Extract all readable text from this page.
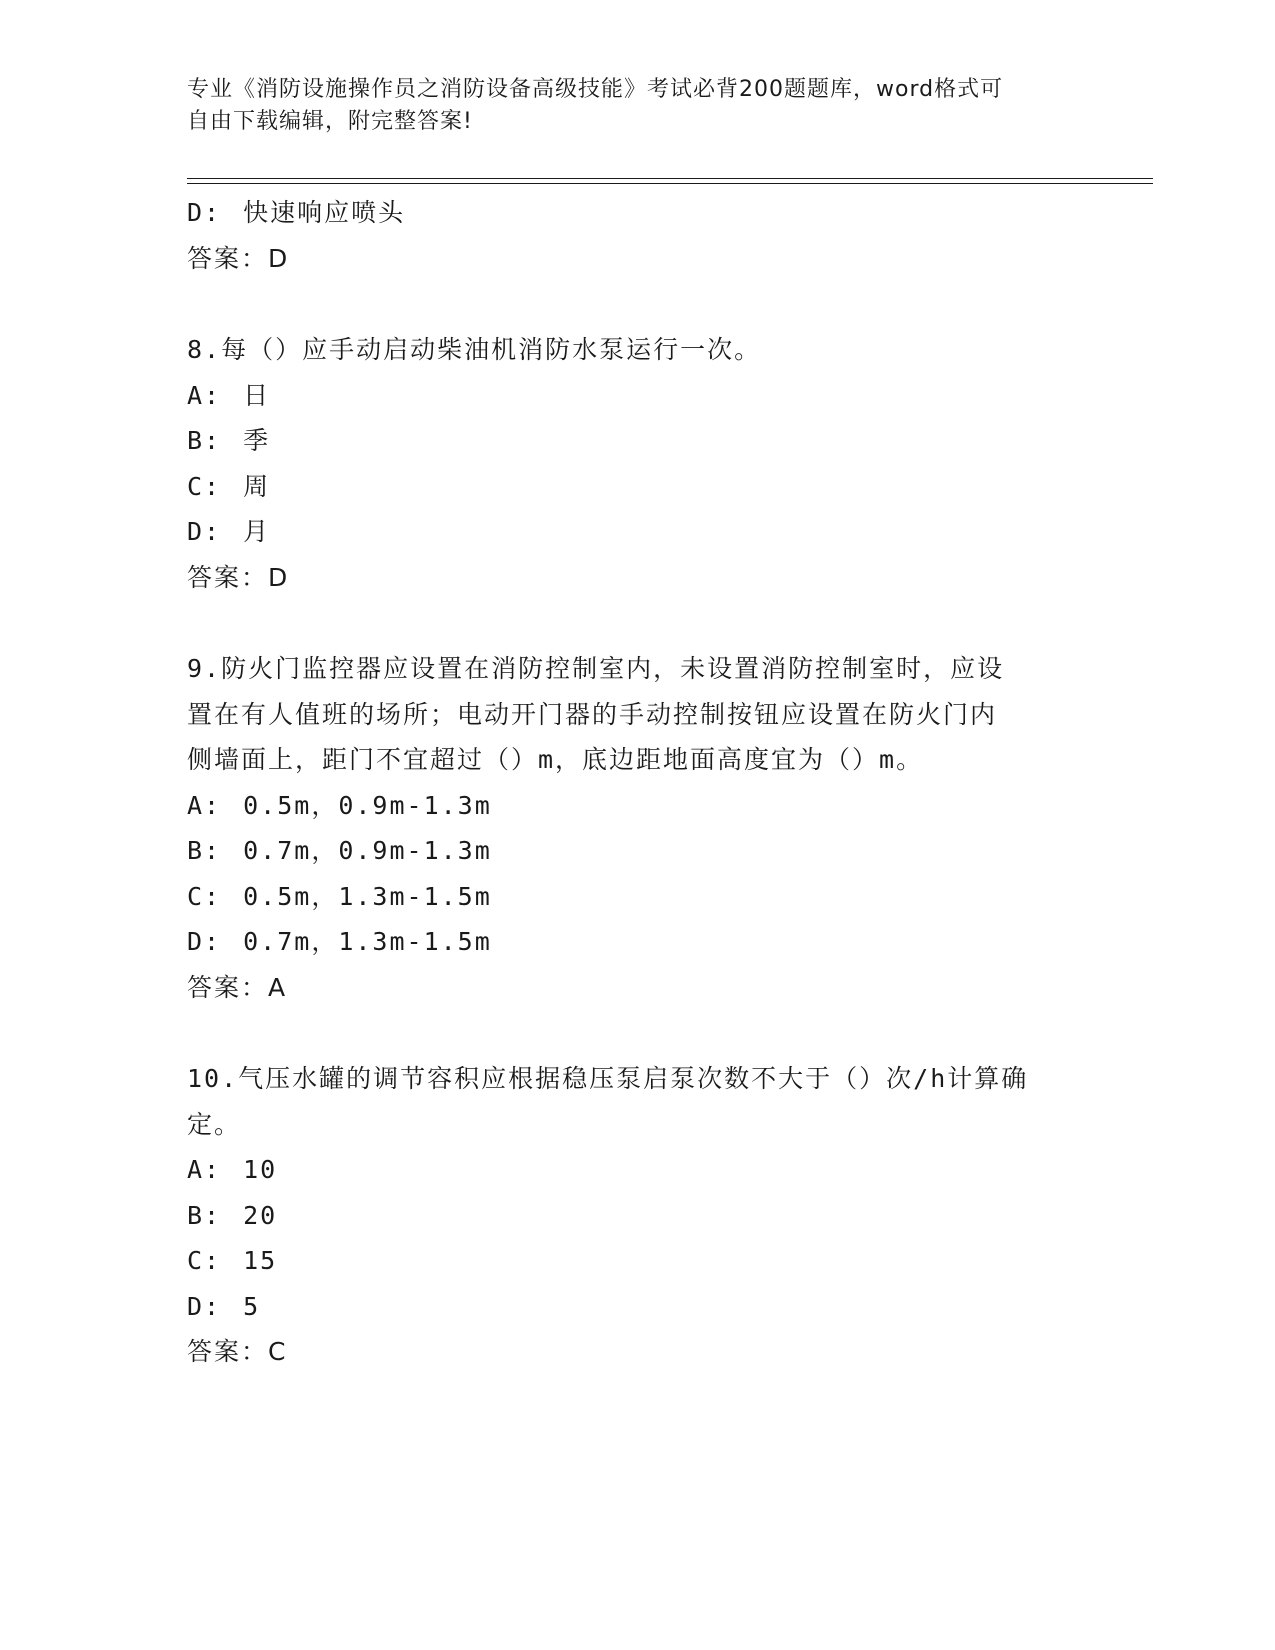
专业《消防设施操作员之消防设备高级技能》考试必背200题题库，word格式可
自由下载编辑，附完整答案!
D: 快速响应喷头
答案：D
8.每（）应手动启动柴油机消防水泵运行一次。
A: 日
B: 季
C: 周
D: 月
答案：D
9.防火门监控器应设置在消防控制室内，未设置消防控制室时，应设
置在有人值班的场所；电动开门器的手动控制按钮应设置在防火门内
侧墙面上，距门不宜超过（）m，底边距地面高度宜为（）m。
A: 0.5m，0.9m-1.3m
B: 0.7m，0.9m-1.3m
C: 0.5m，1.3m-1.5m
D: 0.7m，1.3m-1.5m
答案：A
10.气压水罐的调节容积应根据稳压泵启泵次数不大于（）次/h计算确
定。
A: 10
B: 20
C: 15
D: 5
答案：C
